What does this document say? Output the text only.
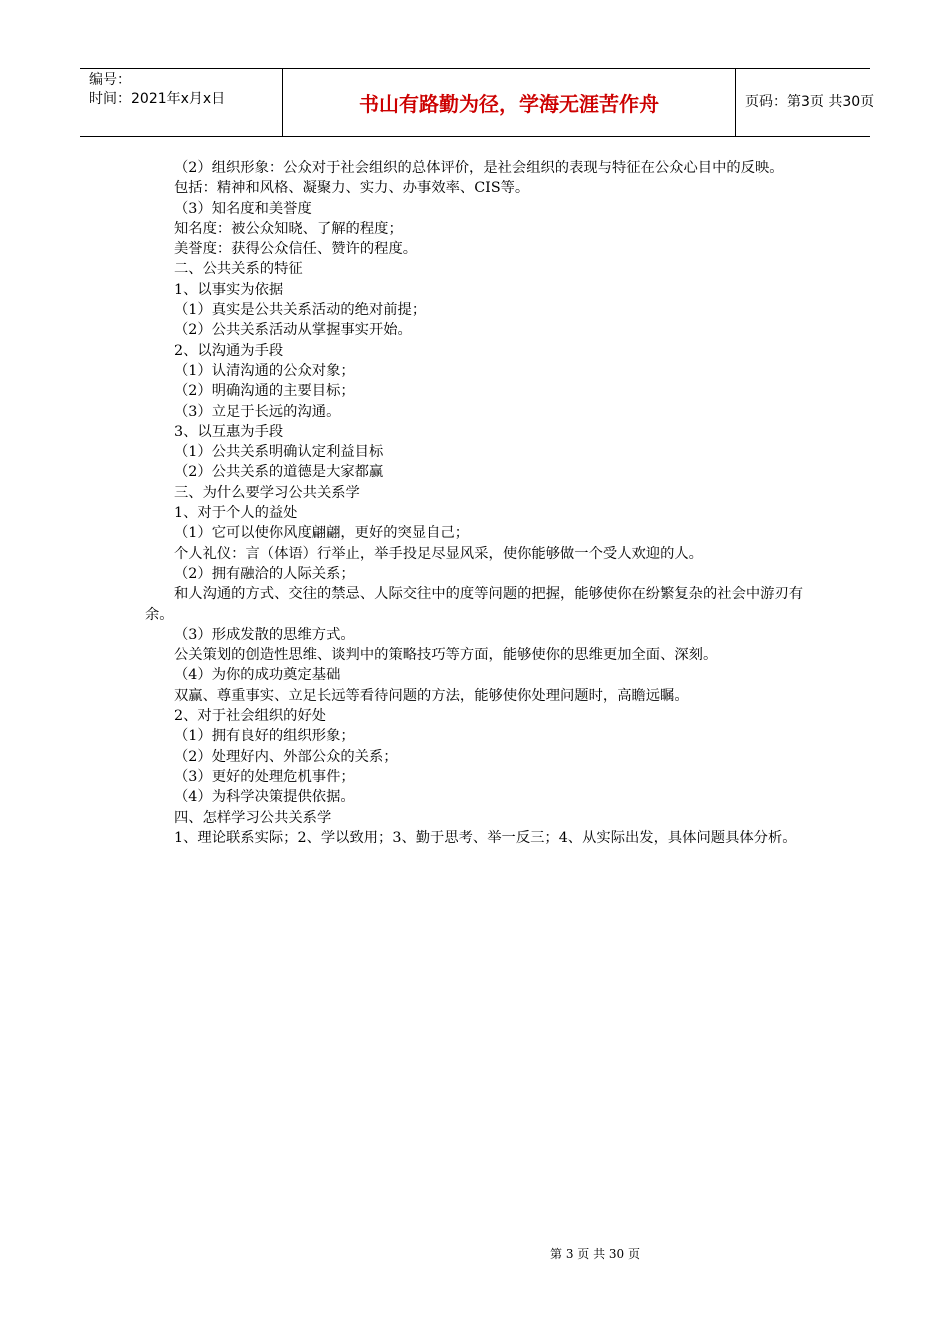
编号：
时间：2021年x月x日	书山有路勤为径，学海无涯苦作舟	页码：第3页 共30页

（2）组织形象：公众对于社会组织的总体评价，是社会组织的表现与特征在公众心目中的反映。

包括：精神和风格、凝聚力、实力、办事效率、CIS等。

（3）知名度和美誉度

知名度：被公众知晓、了解的程度；

美誉度：获得公众信任、赞许的程度。

二、公共关系的特征

1、以事实为依据

（1）真实是公共关系活动的绝对前提；

（2）公共关系活动从掌握事实开始。

2、以沟通为手段

（1）认清沟通的公众对象；

（2）明确沟通的主要目标；

（3）立足于长远的沟通。

3、以互惠为手段

（1）公共关系明确认定利益目标

（2）公共关系的道德是大家都赢

三、为什么要学习公共关系学

1、对于个人的益处

（1）它可以使你风度翩翩，更好的突显自己；

个人礼仪：言（体语）行举止，举手投足尽显风采，使你能够做一个受人欢迎的人。

（2）拥有融洽的人际关系；

和人沟通的方式、交往的禁忌、人际交往中的度等问题的把握，能够使你在纷繁复杂的社会中游刃有余。

（3）形成发散的思维方式。

公关策划的创造性思维、谈判中的策略技巧等方面，能够使你的思维更加全面、深刻。

（4）为你的成功奠定基础

双赢、尊重事实、立足长远等看待问题的方法，能够使你处理问题时，高瞻远瞩。

2、对于社会组织的好处

（1）拥有良好的组织形象；

（2）处理好内、外部公众的关系；

（3）更好的处理危机事件；

（4）为科学决策提供依据。

四、怎样学习公共关系学

1、理论联系实际；2、学以致用；3、勤于思考、举一反三；4、从实际出发，具体问题具体分析。

第 3 页 共 30 页
